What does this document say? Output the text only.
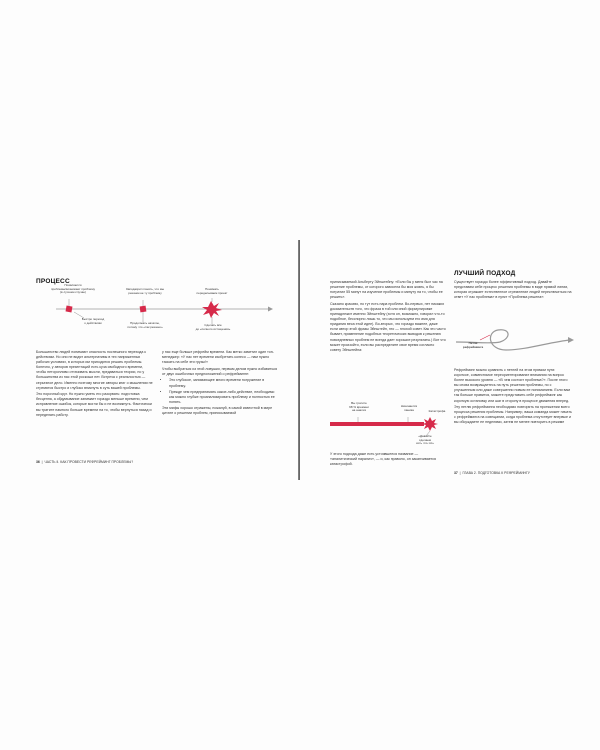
ПРОЦЕСС
Появляются
проблемы/возникают проблему
(в лучшем случае)
Быстро переход
к действиям
Заподазрил понять, что мы
решаем не ту проблему
Продолжать начатое,
потому что «так решено»
Понимать
переделываем проект
Сделать все
до «полного истощения»

Большинство людей понимают опасность поспешного перехода к действиям. Но они не видят альтернативы в тех напряженных рабочих условиях, в которых им приходится решать проблемы. Конечно, у авторов презентаций есть куча свободного времени, чтобы неторопливо оттачивать мысли, предаваться теории, но у большинства из нас этой роскоши нет. Встреча с реальностью — серьезное дело. Именно поэтому многие авторы книг о мышлении не стремятся быстро и глубоко вникнуть в суть вашей проблемы.

Это порочный круг. Но нужно уметь его разорвать: подготовка бесценна, а обдумывание занимает гораздо меньше времени, чем исправление ошибок, которые могли бы и не возникнуть. Фактически вы тратите намного больше времени на то, чтобы вернуться назад и переделать работу.

у нас еще больше рефрейм времени. Как метко заметил один топ-менеджер: «У нас нет времени изобретать колесо — нам нужно таскать на себе эти грузы!»

Чтобы выбраться из этой ловушки, первым делом нужно избавиться от двух ошибочных предположений о рефрейминге:

• Это глубокое, занимающее много времени погружение в проблему.
• Прежде чем предпринимать какое-либо действие, необходимо как можно глубже проанализировать проблему и полностью ее понять.

Эти мифы хорошо отражены, пожалуй, в самой известной в мире цитате о решении проблем, приписываемой

36  |  ЧАСТЬ II. КАК ПРОВЕСТИ РЕФРЕЙМИНГ ПРОБЛЕМЫ?

приписываемой Альберту Эйнштейну: «Если бы у меня был час на решение проблемы, от которого зависела бы моя жизнь, я бы потратил 55 минут на изучение проблемы и минуту на то, чтобы ее решить».

Сказано красиво, но тут есть пара проблем. Во-первых, нет никаких доказательств того, что фраза в той или иной формулировке принадлежит именно Эйнштейну (хотя он, возможно, говорил что-то подобное, бесспорно лишь то, что мы используем его имя для придания веса этой идее). Во-вторых, что гораздо важнее, даже если автор этой фразы Эйнштейн, это — плохой совет. Как это часто бывает, применение подобных теоретических выводов к решению повседневных проблем не всегда дает хорошие результаты.) Вот что может произойти, если вы распределите свое время согласно совету Эйнштейна:

Вы тратите
98 % времени
на анализ
Начинается
паника	Катастрофа
«Давайте
сделаем
хоть что-то!»

У этого подхода даже есть устоявшееся название — «аналитический паралич», — и, как правило, он заканчивается катастрофой.

ЛУЧШИЙ ПОДХОД

Существует гораздо более эффективный подход. Давайте представим себе процесс решения проблемы в виде прямой линии, которая отражает естественное стремление людей переключиться на ответ «У нас проблема» в пункт «Проблема решена»:

Петля
рефрейминга

Рефрейминг можно сравнить с петлей на этом прямом пути: короткое, совместимое переориентирование внимания на вопрос более высокого уровня — «В чем состоит проблема?». После этого вы снова возвращаетесь на путь решения проблемы, но с улучшенным или даже совершенно новым ее пониманием. Если вам так больше нравится, можете представить себе рефрейминг как короткую остановку или шаг в сторону в процессе движения вперед.

Эту петлю рефрейминга необходимо повторять на протяжении всего процесса решения проблемы. Например, ваша команда может начать с рефрейминга на совещании, когда проблема отсутствует впервые и вы обсуждаете ее неделями, затем не менее повторить в режиме

37  |  ГЛАВА 2. ПОДГОТОВКА К РЕФРЕЙМИНГУ
